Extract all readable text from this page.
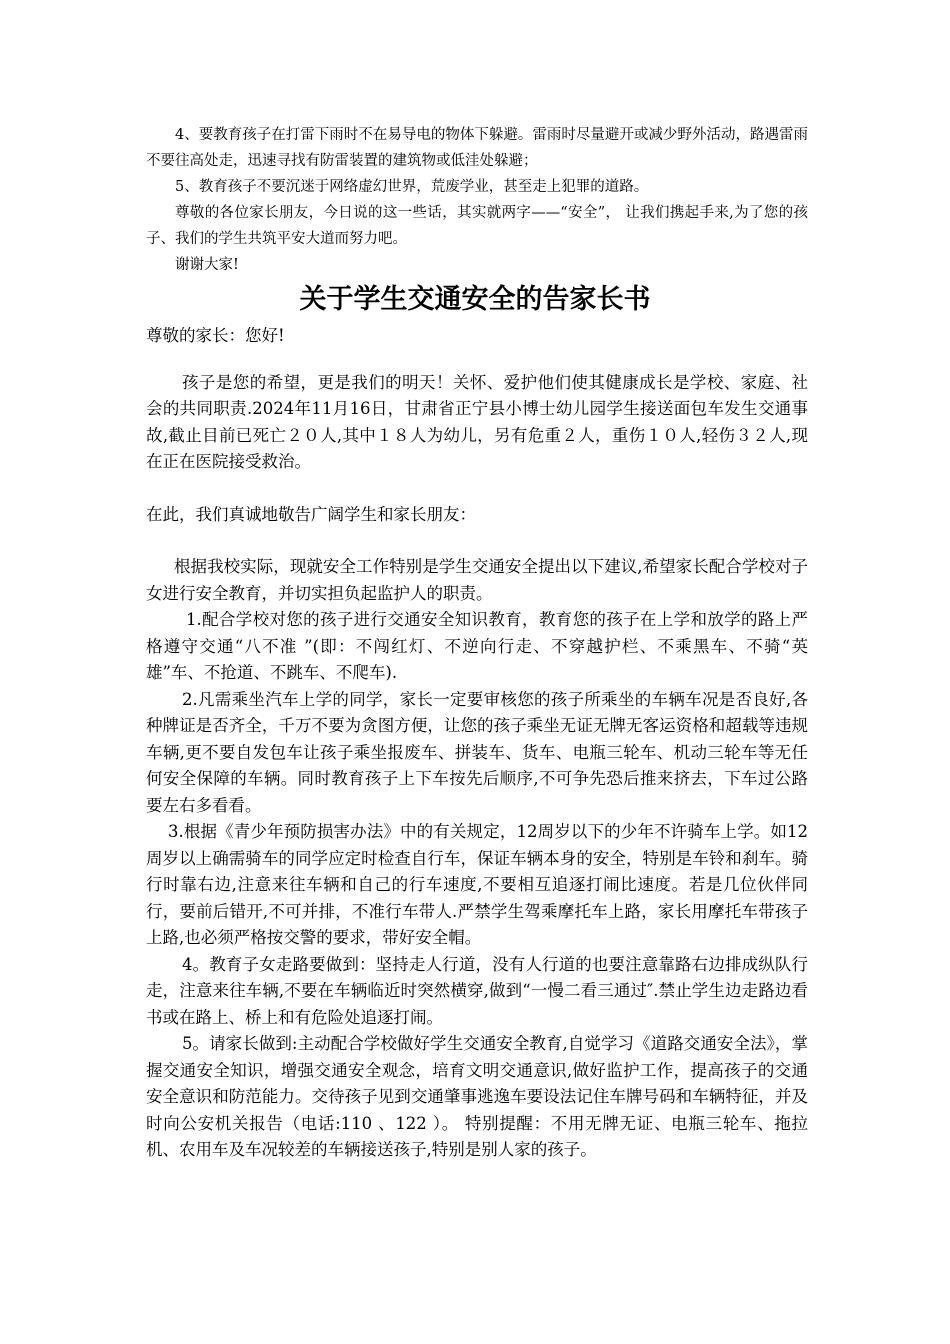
4、要教育孩子在打雷下雨时不在易导电的物体下躲避。雷雨时尽量避开或减少野外活动，路遇雷雨不要往高处走，迅速寻找有防雷装置的建筑物或低洼处躲避；

5、教育孩子不要沉迷于网络虚幻世界，荒废学业，甚至走上犯罪的道路。

尊敬的各位家长朋友，今日说的这一些话，其实就两字——“安全”， 让我们携起手来,为了您的孩子、我们的学生共筑平安大道而努力吧。

谢谢大家!

关于学生交通安全的告家长书

尊敬的家长：您好!

孩子是您的希望，更是我们的明天！关怀、爱护他们使其健康成长是学校、家庭、社会的共同职责.2024年11月16日，甘肃省正宁县小博士幼儿园学生接送面包车发生交通事故,截止目前已死亡２０人,其中１８人为幼儿，另有危重２人，重伤１０人,轻伤３２人,现在正在医院接受救治。

在此，我们真诚地敬告广阔学生和家长朋友：

根据我校实际，现就安全工作特别是学生交通安全提出以下建议,希望家长配合学校对子女进行安全教育，并切实担负起监护人的职责。

1.配合学校对您的孩子进行交通安全知识教育，教育您的孩子在上学和放学的路上严格遵守交通“八不准 ”(即：不闯红灯、不逆向行走、不穿越护栏、不乘黑车、不骑“英雄”车、不抢道、不跳车、不爬车).

2.凡需乘坐汽车上学的同学，家长一定要审核您的孩子所乘坐的车辆车况是否良好,各种牌证是否齐全，千万不要为贪图方便，让您的孩子乘坐无证无牌无客运资格和超载等违规车辆,更不要自发包车让孩子乘坐报废车、拼装车、货车、电瓶三轮车、机动三轮车等无任何安全保障的车辆。同时教育孩子上下车按先后顺序,不可争先恐后推来挤去，下车过公路要左右多看看。

3.根据《青少年预防损害办法》中的有关规定，12周岁以下的少年不许骑车上学。如12周岁以上确需骑车的同学应定时检查自行车，保证车辆本身的安全，特别是车铃和刹车。骑行时靠右边,注意来往车辆和自己的行车速度,不要相互追逐打闹比速度。若是几位伙伴同行，要前后错开,不可并排，不准行车带人.严禁学生驾乘摩托车上路，家长用摩托车带孩子上路,也必须严格按交警的要求，带好安全帽。

4。教育子女走路要做到：坚持走人行道，没有人行道的也要注意靠路右边排成纵队行走，注意来往车辆,不要在车辆临近时突然横穿,做到“一慢二看三通过″.禁止学生边走路边看书或在路上、桥上和有危险处追逐打闹。

5。请家长做到:主动配合学校做好学生交通安全教育,自觉学习《道路交通安全法》，掌握交通安全知识，增强交通安全观念，培育文明交通意识,做好监护工作，提高孩子的交通安全意识和防范能力。交待孩子见到交通肇事逃逸车要设法记住车牌号码和车辆特征，并及时向公安机关报告（电话:110 、122 ）。 特别提醒：不用无牌无证、电瓶三轮车、拖拉机、农用车及车况较差的车辆接送孩子,特别是别人家的孩子。
